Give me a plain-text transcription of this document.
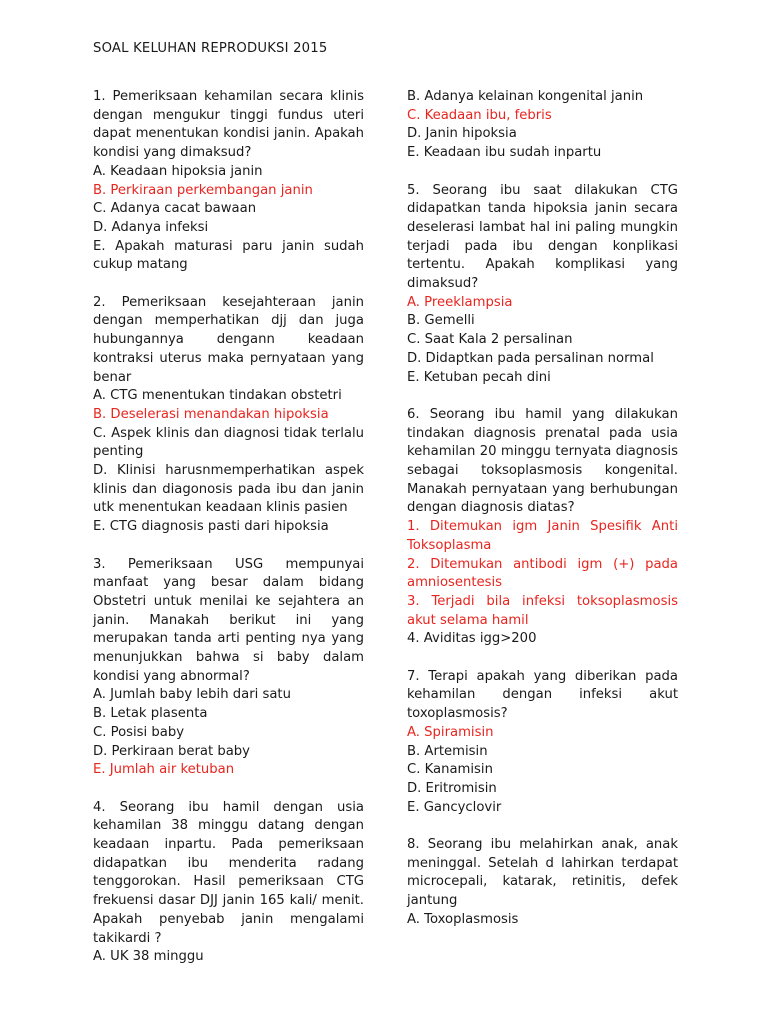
SOAL KELUHAN REPRODUKSI 2015
1. Pemeriksaan kehamilan secara klinis dengan mengukur tinggi fundus uteri dapat menentukan kondisi janin. Apakah kondisi yang dimaksud?
A. Keadaan hipoksia janin
B. Perkiraan perkembangan janin
C. Adanya cacat bawaan
D. Adanya infeksi
E. Apakah maturasi paru janin sudah cukup matang
2. Pemeriksaan kesejahteraan janin dengan memperhatikan djj dan juga hubungannya dengann keadaan kontraksi uterus maka pernyataan yang benar
A. CTG menentukan tindakan obstetri
B. Deselerasi menandakan hipoksia
C. Aspek klinis dan diagnosi tidak terlalu penting
D. Klinisi harusnmemperhatikan aspek klinis dan diagonosis pada ibu dan janin utk menentukan keadaan klinis pasien
E. CTG diagnosis pasti dari hipoksia
3. Pemeriksaan USG mempunyai manfaat yang besar dalam bidang Obstetri untuk menilai ke sejahtera an janin. Manakah berikut ini yang merupakan tanda arti penting nya yang menunjukkan bahwa si baby dalam kondisi yang abnormal?
A. Jumlah baby lebih dari satu
B. Letak plasenta
C. Posisi baby
D. Perkiraan berat baby
E. Jumlah air ketuban
4. Seorang ibu hamil dengan usia kehamilan 38 minggu datang dengan keadaan inpartu. Pada pemeriksaan didapatkan ibu menderita radang tenggorokan. Hasil pemeriksaan CTG frekuensi dasar DJJ janin 165 kali/ menit. Apakah penyebab janin mengalami takikardi ?
A. UK 38 minggu
B. Adanya kelainan kongenital janin
C. Keadaan ibu, febris
D. Janin hipoksia
E. Keadaan ibu sudah inpartu
5. Seorang ibu saat dilakukan CTG didapatkan tanda hipoksia janin secara deselerasi lambat hal ini paling mungkin terjadi pada ibu dengan konplikasi tertentu. Apakah komplikasi yang dimaksud?
A. Preeklampsia
B. Gemelli
C. Saat Kala 2 persalinan
D. Didaptkan pada persalinan normal
E. Ketuban pecah dini
6. Seorang ibu hamil yang dilakukan tindakan diagnosis prenatal pada usia kehamilan 20 minggu ternyata diagnosis sebagai toksoplasmosis kongenital. Manakah pernyataan yang berhubungan dengan diagnosis diatas?
1. Ditemukan igm Janin Spesifik Anti Toksoplasma
2. Ditemukan antibodi igm (+) pada amniosentesis
3. Terjadi bila infeksi toksoplasmosis akut selama hamil
4. Aviditas igg>200
7. Terapi apakah yang diberikan pada kehamilan dengan infeksi akut toxoplasmosis?
A. Spiramisin
B. Artemisin
C. Kanamisin
D. Eritromisin
E. Gancyclovir
8. Seorang ibu melahirkan anak, anak meninggal. Setelah d lahirkan terdapat microcepali, katarak, retinitis, defek jantung
A. Toxoplasmosis
